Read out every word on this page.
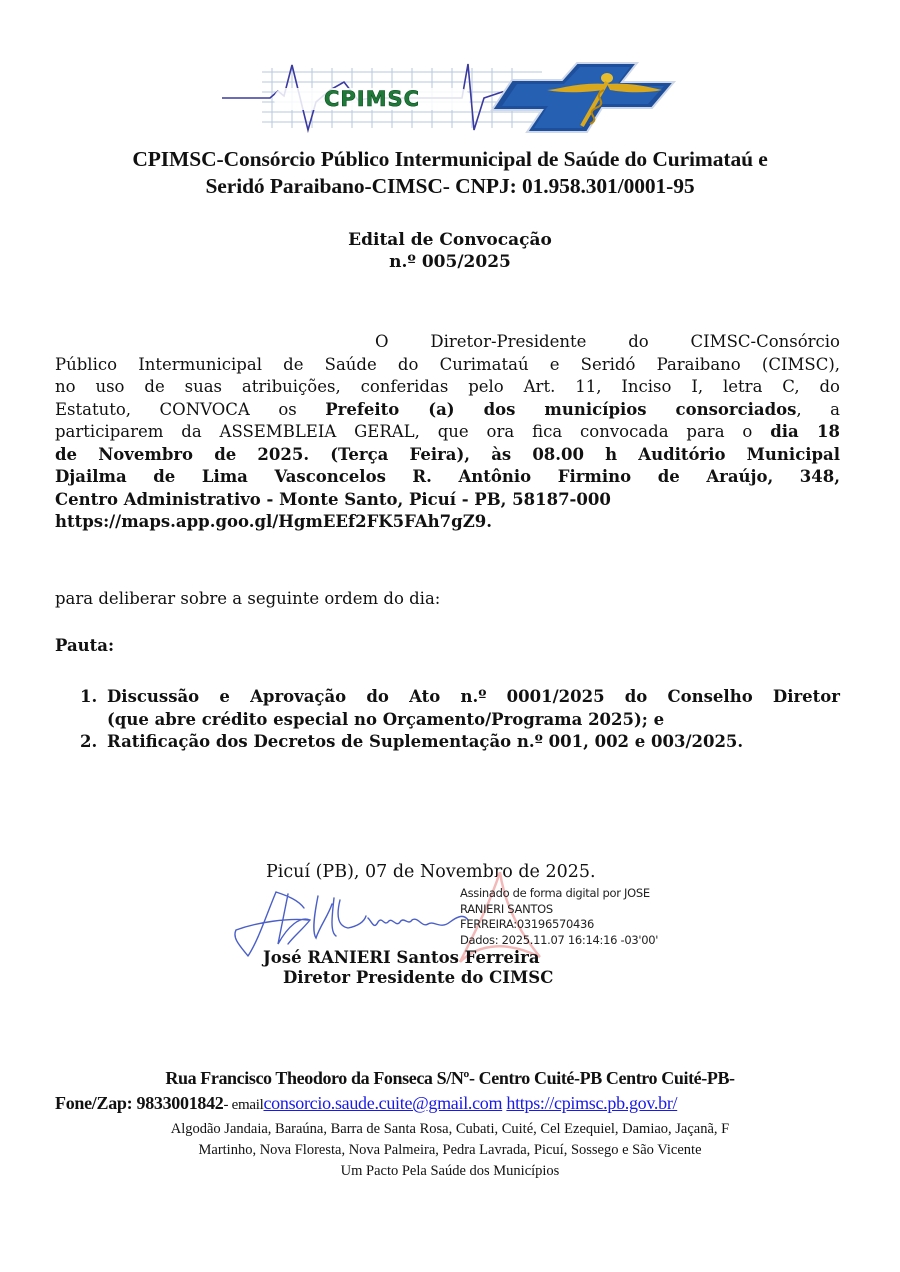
CPIMSC
CPIMSC-Consórcio Público Intermunicipal de Saúde do Curimataú e
Seridó Paraibano-CIMSC- CNPJ: 01.958.301/0001-95
Edital de Convocação
n.º 005/2025
O Diretor-Presidente do CIMSC-Consórcio
Público Intermunicipal de Saúde do Curimataú e Seridó Paraibano (CIMSC),
no uso de suas atribuições, conferidas pelo Art. 11, Inciso I, letra C, do
Estatuto, CONVOCA os Prefeito (a) dos municípios consorciados, a
participarem da ASSEMBLEIA GERAL, que ora fica convocada para o dia 18
de Novembro de 2025. (Terça Feira), às 08.00 h Auditório Municipal
Djailma de Lima Vasconcelos R. Antônio Firmino de Araújo, 348,
Centro Administrativo - Monte Santo, Picuí - PB, 58187-000
https://maps.app.goo.gl/HgmEEf2FK5FAh7gZ9.
para deliberar sobre a seguinte ordem do dia:
Pauta:
1. Discussão e Aprovação do Ato n.º 0001/2025 do Conselho Diretor
(que abre crédito especial no Orçamento/Programa 2025); e
2. Ratificação dos Decretos de Suplementação n.º 001, 002 e 003/2025.
Picuí (PB), 07 de Novembro de 2025.
Assinado de forma digital por JOSE
RANIERI SANTOS
FERREIRA:03196570436
Dados: 2025.11.07 16:14:16 -03'00'
José RANIERI Santos Ferreira
Diretor Presidente do CIMSC
Rua Francisco Theodoro da Fonseca S/Nº- Centro Cuité-PB Centro Cuité-PB-
Fone/Zap: 9833001842- emailconsorcio.saude.cuite@gmail.com https://cpimsc.pb.gov.br/
Algodão Jandaia, Baraúna, Barra de Santa Rosa, Cubati, Cuité, Cel Ezequiel, Damiao, Jaçanã, F
Martinho, Nova Floresta, Nova Palmeira, Pedra Lavrada, Picuí, Sossego e São Vicente
Um Pacto Pela Saúde dos Municípios
